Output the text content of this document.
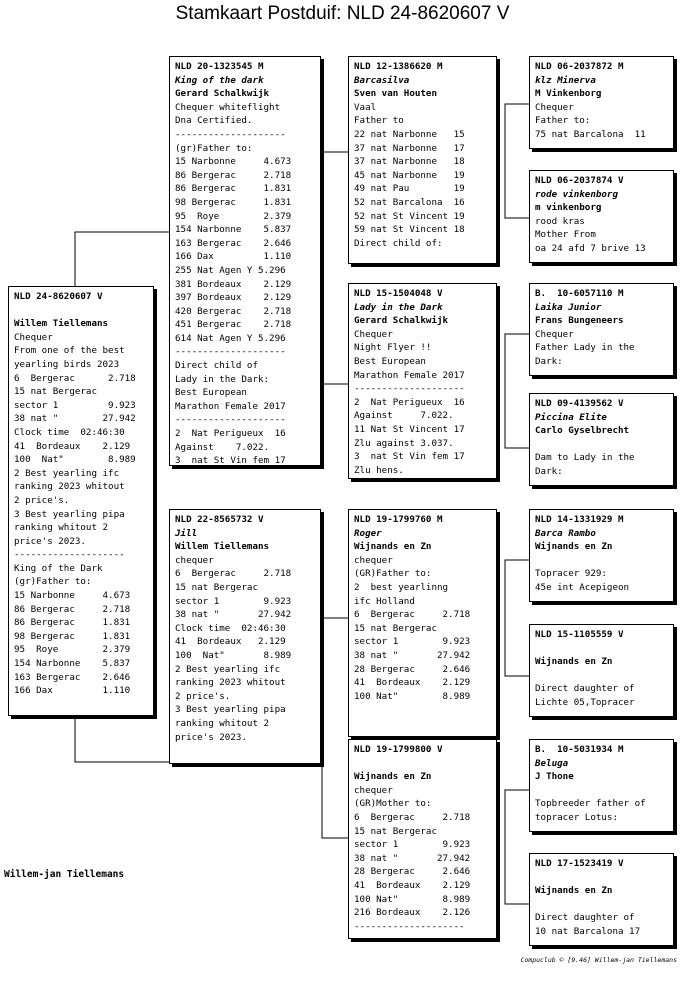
Stamkaart Postduif: NLD 24-8620607 V
NLD 24-8620607 V
Willem Tiellemans
Chequer
From one of the best
yearling birds 2023
6  Bergerac      2.718
15 nat Bergerac
sector 1         9.923
38 nat "        27.942
Clock time  02:46:30
41  Bordeaux    2.129
100  Nat"        8.989
2 Best yearling ifc
ranking 2023 whitout
2 price's.
3 Best yearling pipa
ranking whitout 2
price's 2023.
--------------------
King of the Dark
(gr)Father to:
15 Narbonne     4.673
86 Bergerac     2.718
86 Bergerac     1.831
98 Bergerac     1.831
95  Roye        2.379
154 Narbonne    5.837
163 Bergerac    2.646
166 Dax         1.110
NLD 20-1323545 M
King of the dark
Gerard Schalkwijk
Chequer whiteflight
Dna Certified.
--------------------
(gr)Father to:
15 Narbonne     4.673
86 Bergerac     2.718
86 Bergerac     1.831
98 Bergerac     1.831
95  Roye        2.379
154 Narbonne    5.837
163 Bergerac    2.646
166 Dax         1.110
255 Nat Agen Y 5.296
381 Bordeaux    2.129
397 Bordeaux    2.129
420 Bergerac    2.718
451 Bergerac    2.718
614 Nat Agen Y 5.296
--------------------
Direct child of
Lady in the Dark:
Best European
Marathon Female 2017
--------------------
2  Nat Perigueux  16
Against    7.022.
3  nat St Vin fem 17
NLD 22-8565732 V
Jill
Willem Tiellemans
chequer
6  Bergerac     2.718
15 nat Bergerac
sector 1        9.923
38 nat "       27.942
Clock time  02:46:30
41  Bordeaux   2.129
100  Nat"       8.989
2 Best yearling ifc
ranking 2023 whitout
2 price's.
3 Best yearling pipa
ranking whitout 2
price's 2023.
NLD 12-1386620 M
Barcasilva
Sven van Houten
Vaal
Father to
22 nat Narbonne   15
37 nat Narbonne   17
37 nat Narbonne   18
45 nat Narbonne   19
49 nat Pau        19
52 nat Barcalona  16
52 nat St Vincent 19
59 nat St Vincent 18
Direct child of:
NLD 15-1504048 V
Lady in the Dark
Gerard Schalkwijk
Chequer
Night Flyer !!
Best European
Marathon Female 2017
--------------------
2  Nat Perigueux  16
Against     7.022.
11 Nat St Vincent 17
Zlu against 3.037.
3  nat St Vin fem 17
Zlu hens.
NLD 19-1799760 M
Roger
Wijnands en Zn
chequer
(GR)Father to:
2  best yearlinng
ifc Holland
6  Bergerac     2.718
15 nat Bergerac
sector 1        9.923
38 nat "       27.942
28 Bergerac     2.646
41  Bordeaux    2.129
100 Nat"        8.989
NLD 19-1799800 V
Wijnands en Zn
chequer
(GR)Mother to:
6  Bergerac     2.718
15 nat Bergerac
sector 1        9.923
38 nat "       27.942
28 Bergerac     2.646
41  Bordeaux    2.129
100 Nat"        8.989
216 Bordeaux    2.126
--------------------
NLD 06-2037872 M
klz Minerva
M Vinkenborg
Chequer
Father to:
75 nat Barcalona  11
NLD 06-2037874 V
rode vinkenborg
m vinkenborg
rood kras
Mother From
oa 24 afd 7 brive 13
B.  10-6057110 M
Laika Junior
Frans Bungeneers
Chequer
Father Lady in the
Dark:
NLD 09-4139562 V
Piccina Elite
Carlo Gyselbrecht
Dam to Lady in the
Dark:
NLD 14-1331929 M
Barca Rambo
Wijnands en Zn
Topracer 929:
45e int Acepigeon
NLD 15-1105559 V
Wijnands en Zn
Direct daughter of
Lichte 05,Topracer
B.  10-5031934 M
Beluga
J Thone
Topbreeder father of
topracer Lotus:
NLD 17-1523419 V
Wijnands en Zn
Direct daughter of
10 nat Barcalona 17
Willem-jan Tiellemans
Compuclub © [9.46] Willem-jan Tiellemans
